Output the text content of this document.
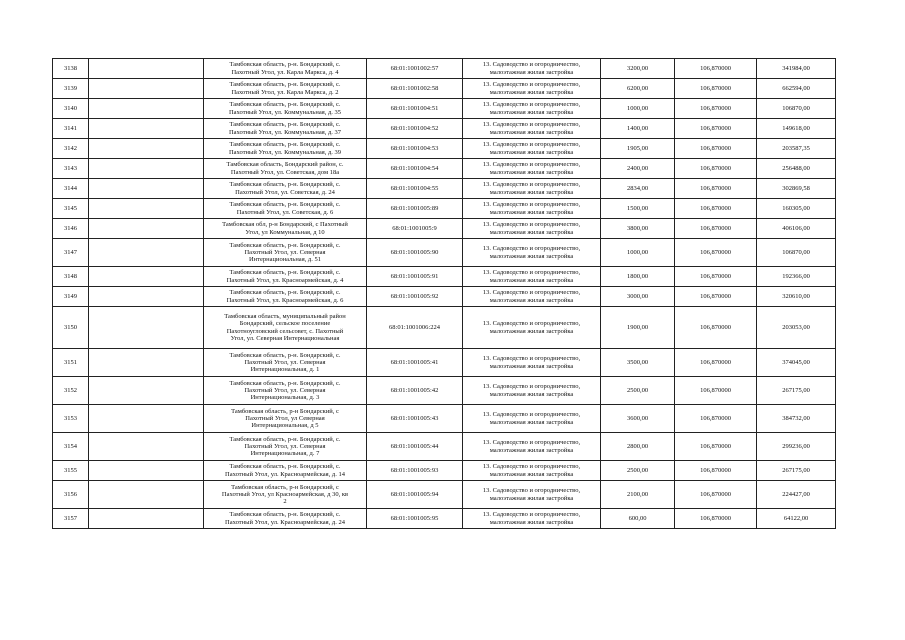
3138		Тамбовская область, р-н. Бондарский, с.
Пахотный Угол, ул. Карла Маркса, д. 4	68:01:1001002:57	13. Садоводство и огородничество,
малоэтажная жилая застройка	3200,00	106,870000	341984,00
3139		Тамбовская область, р-н. Бондарский, с.
Пахотный Угол, ул. Карла Маркса, д. 2	68:01:1001002:58	13. Садоводство и огородничество,
малоэтажная жилая застройка	6200,00	106,870000	662594,00
3140		Тамбовская область, р-н. Бондарский, с.
Пахотный Угол, ул. Коммунальная, д. 35	68:01:1001004:51	13. Садоводство и огородничество,
малоэтажная жилая застройка	1000,00	106,870000	106870,00
3141		Тамбовская область, р-н. Бондарский, с.
Пахотный Угол, ул. Коммунальная, д. 37	68:01:1001004:52	13. Садоводство и огородничество,
малоэтажная жилая застройка	1400,00	106,870000	149618,00
3142		Тамбовская область, р-н. Бондарский, с.
Пахотный Угол, ул. Коммунальная, д. 39	68:01:1001004:53	13. Садоводство и огородничество,
малоэтажная жилая застройка	1905,00	106,870000	203587,35
3143		Тамбовская область, Бондарский район, с.
Пахотный Угол, ул. Советская, дом 18а	68:01:1001004:54	13. Садоводство и огородничество,
малоэтажная жилая застройка	2400,00	106,870000	256488,00
3144		Тамбовская область, р-н. Бондарский, с.
Пахотный Угол, ул. Советская, д. 24	68:01:1001004:55	13. Садоводство и огородничество,
малоэтажная жилая застройка	2834,00	106,870000	302869,58
3145		Тамбовская область, р-н. Бондарский, с.
Пахотный Угол, ул. Советская, д. 6	68:01:1001005:89	13. Садоводство и огородничество,
малоэтажная жилая застройка	1500,00	106,870000	160305,00
3146		Тамбовская обл, р-н Бондарский, с Пахотный
Угол, ул Коммунальная, д 10	68:01:1001005:9	13. Садоводство и огородничество,
малоэтажная жилая застройка	3800,00	106,870000	406106,00
3147		Тамбовская область, р-н. Бондарский, с.
Пахотный Угол, ул. Северная
Интернациональная, д. 51	68:01:1001005:90	13. Садоводство и огородничество,
малоэтажная жилая застройка	1000,00	106,870000	106870,00
3148		Тамбовская область, р-н. Бондарский, с.
Пахотный Угол, ул. Красноармейская, д. 4	68:01:1001005:91	13. Садоводство и огородничество,
малоэтажная жилая застройка	1800,00	106,870000	192366,00
3149		Тамбовская область, р-н. Бондарский, с.
Пахотный Угол, ул. Красноармейская, д. 6	68:01:1001005:92	13. Садоводство и огородничество,
малоэтажная жилая застройка	3000,00	106,870000	320610,00
3150		Тамбовская область, муниципальный район
Бондарский, сельское поселение
Пахотноугловский сельсовет, с. Пахотный
Угол, ул. Северная Интернациональная	68:01:1001006:224	13. Садоводство и огородничество,
малоэтажная жилая застройка	1900,00	106,870000	203053,00
3151		Тамбовская область, р-н. Бондарский, с.
Пахотный Угол, ул. Северная
Интернациональная, д. 1	68:01:1001005:41	13. Садоводство и огородничество,
малоэтажная жилая застройка	3500,00	106,870000	374045,00
3152		Тамбовская область, р-н. Бондарский, с.
Пахотный Угол, ул. Северная
Интернациональная, д. 3	68:01:1001005:42	13. Садоводство и огородничество,
малоэтажная жилая застройка	2500,00	106,870000	267175,00
3153		Тамбовская область, р-н Бондарский, с
Пахотный Угол, ул Северная
Интернациональная, д 5	68:01:1001005:43	13. Садоводство и огородничество,
малоэтажная жилая застройка	3600,00	106,870000	384732,00
3154		Тамбовская область, р-н. Бондарский, с.
Пахотный Угол, ул. Северная
Интернациональная, д. 7	68:01:1001005:44	13. Садоводство и огородничество,
малоэтажная жилая застройка	2800,00	106,870000	299236,00
3155		Тамбовская область, р-н. Бондарский, с.
Пахотный Угол, ул. Красноармейская, д. 14	68:01:1001005:93	13. Садоводство и огородничество,
малоэтажная жилая застройка	2500,00	106,870000	267175,00
3156		Тамбовская область, р-н Бондарский, с
Пахотный Угол, ул Красноармейская, д 30, кв
2	68:01:1001005:94	13. Садоводство и огородничество,
малоэтажная жилая застройка	2100,00	106,870000	224427,00
3157		Тамбовская область, р-н. Бондарский, с.
Пахотный Угол, ул. Красноармейская, д. 24	68:01:1001005:95	13. Садоводство и огородничество,
малоэтажная жилая застройка	600,00	106,870000	64122,00
